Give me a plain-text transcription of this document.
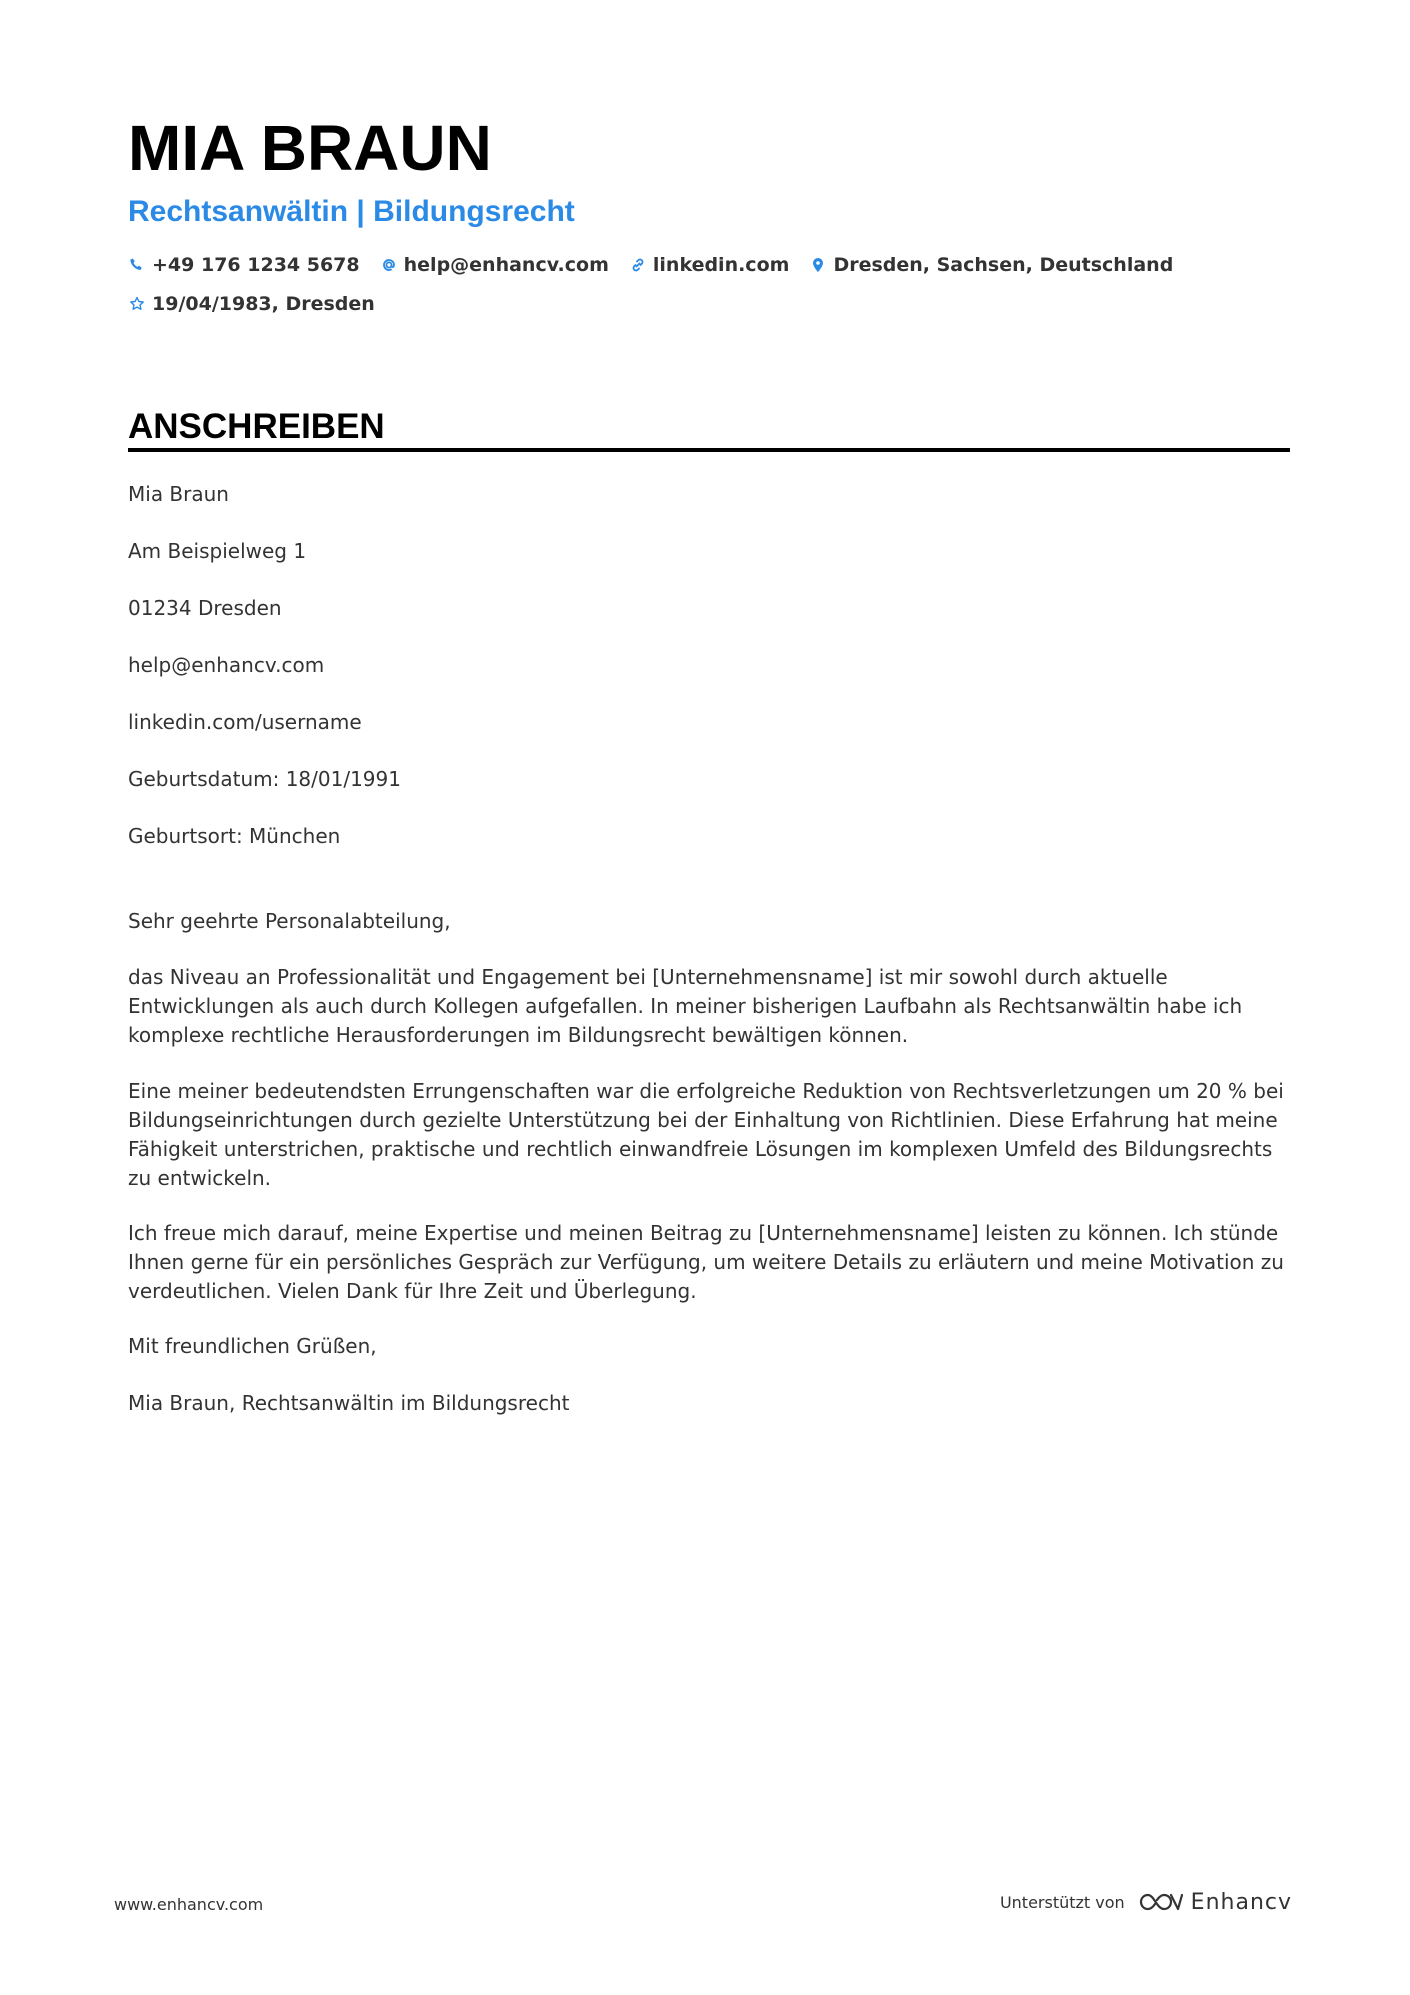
MIA BRAUN
Rechtsanwältin | Bildungsrecht
+49 176 1234 5678 help@enhancv.com linkedin.com Dresden, Sachsen, Deutschland
19/04/1983, Dresden
ANSCHREIBEN
Mia Braun
Am Beispielweg 1
01234 Dresden
help@enhancv.com
linkedin.com/username
Geburtsdatum: 18/01/1991
Geburtsort: München
Sehr geehrte Personalabteilung,
das Niveau an Professionalität und Engagement bei [Unternehmensname] ist mir sowohl durch aktuelle Entwicklungen als auch durch Kollegen aufgefallen. In meiner bisherigen Laufbahn als Rechtsanwältin habe ich komplexe rechtliche Herausforderungen im Bildungsrecht bewältigen können.
Eine meiner bedeutendsten Errungenschaften war die erfolgreiche Reduktion von Rechtsverletzungen um 20 % bei Bildungseinrichtungen durch gezielte Unterstützung bei der Einhaltung von Richtlinien. Diese Erfahrung hat meine Fähigkeit unterstrichen, praktische und rechtlich einwandfreie Lösungen im komplexen Umfeld des Bildungsrechts zu entwickeln.
Ich freue mich darauf, meine Expertise und meinen Beitrag zu [Unternehmensname] leisten zu können. Ich stünde Ihnen gerne für ein persönliches Gespräch zur Verfügung, um weitere Details zu erläutern und meine Motivation zu verdeutlichen. Vielen Dank für Ihre Zeit und Überlegung.
Mit freundlichen Grüßen,
Mia Braun, Rechtsanwältin im Bildungsrecht
www.enhancv.com	Unterstützt von	Enhancv
